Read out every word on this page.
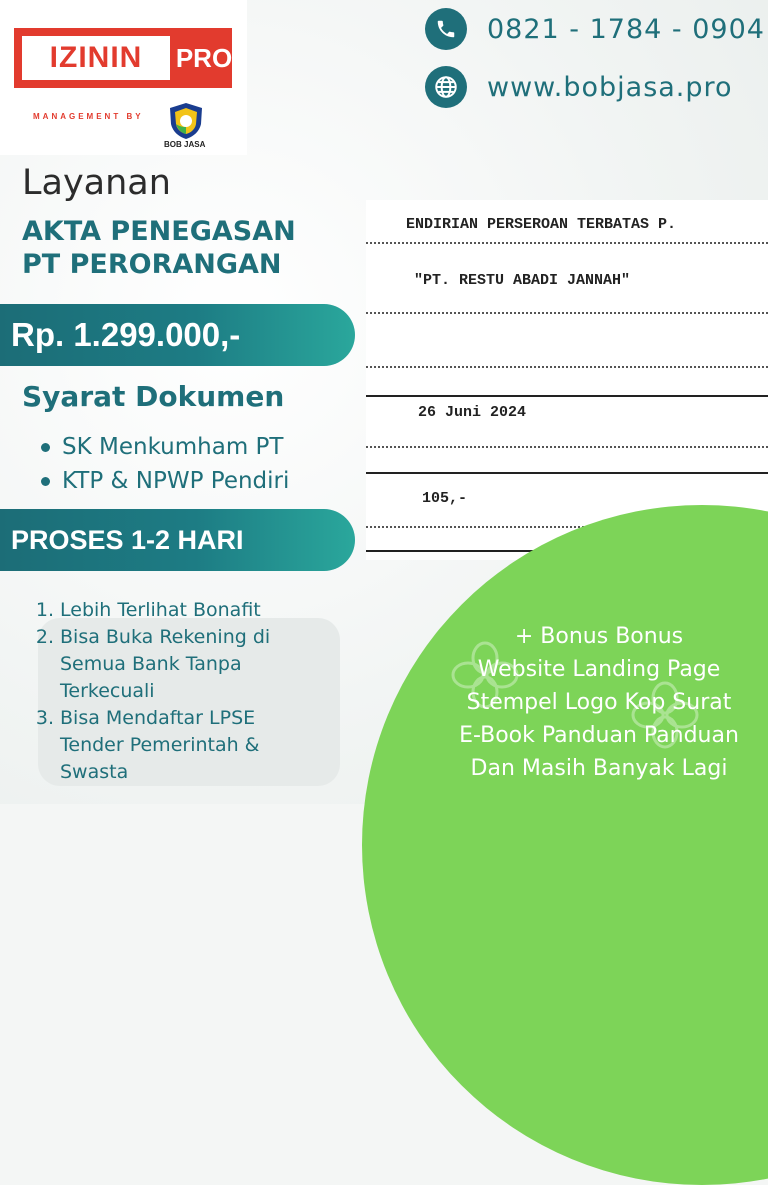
IZININ PRO
MANAGEMENT BY
BOB JASA
0821 - 1784 - 0904
www.bobjasa.pro
Layanan
AKTA PENEGASAN
PT PERORANGAN
Rp. 1.299.000,-
Syarat Dokumen
SK Menkumham PT
KTP & NPWP Pendiri
PROSES 1-2 HARI
1. Lebih Terlihat Bonafit
2. Bisa Buka Rekening di
Semua Bank Tanpa
Terkecuali
3. Bisa Mendaftar LPSE
Tender Pemerintah &
Swasta
ENDIRIAN PERSEROAN TERBATAS P.
"PT. RESTU ABADI JANNAH"
26 Juni 2024
105,-
+ Bonus Bonus
Website Landing Page
Stempel Logo Kop Surat
E-Book Panduan Panduan
Dan Masih Banyak Lagi
